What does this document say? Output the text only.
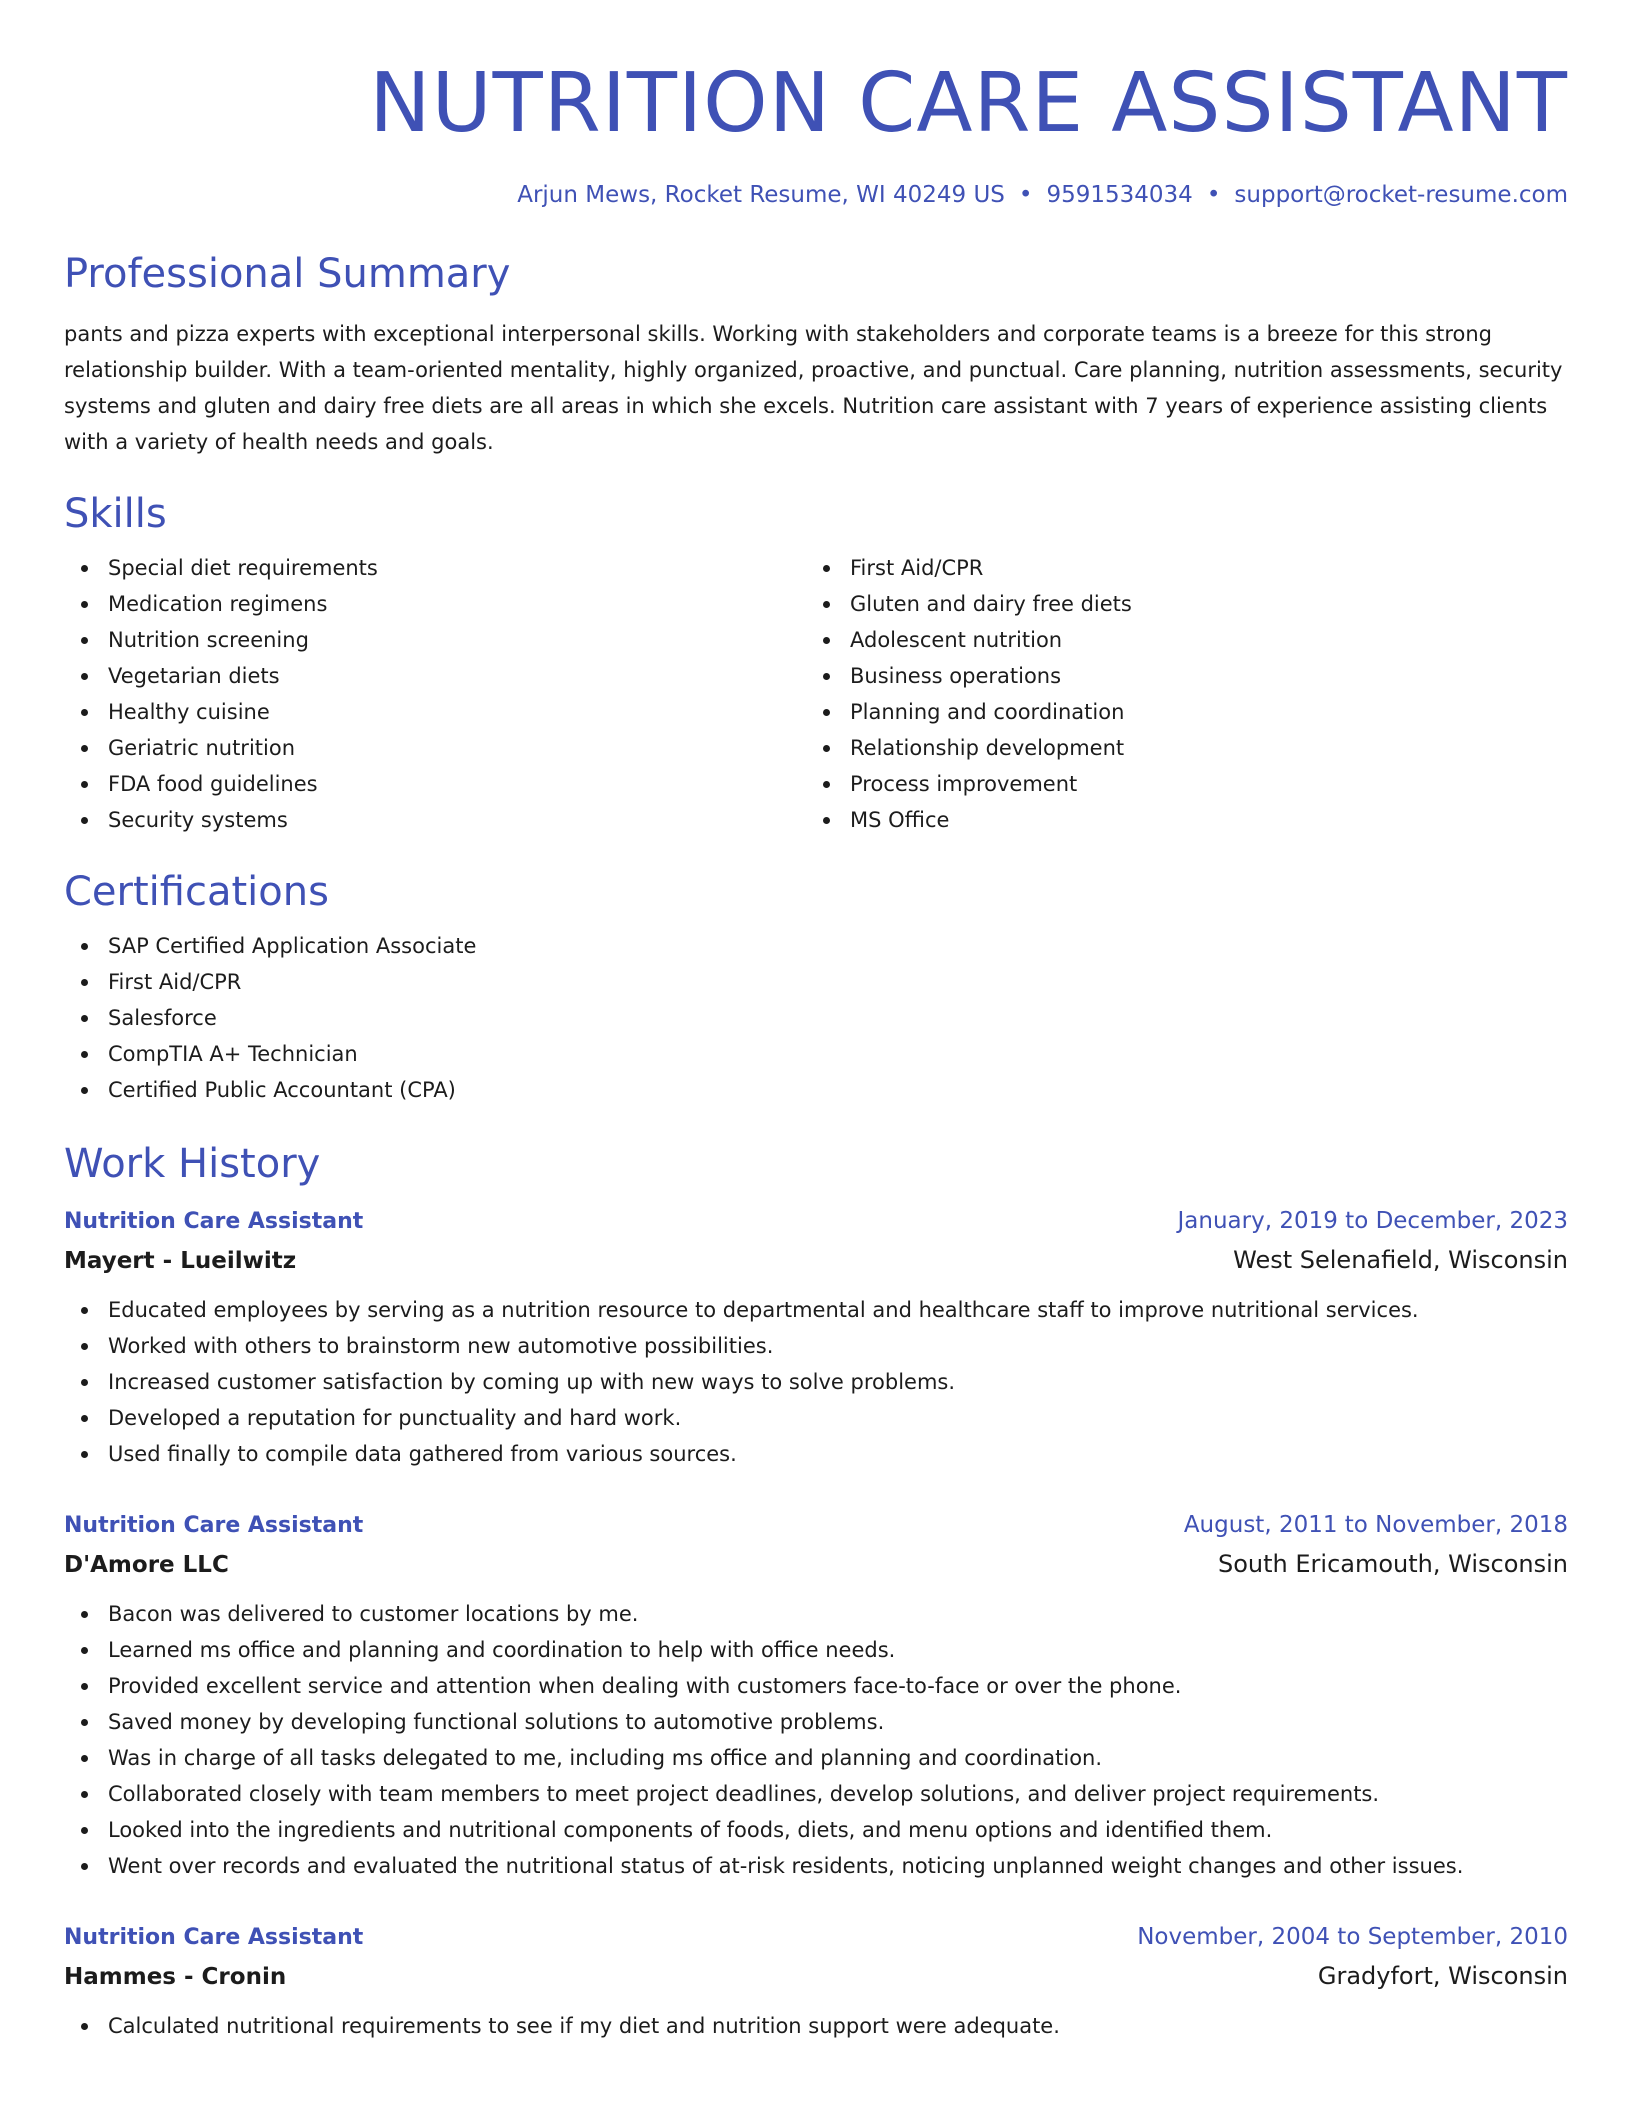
NUTRITION CARE ASSISTANT
Arjun Mews, Rocket Resume, WI 40249 US • 9591534034 • support@rocket-resume.com
Professional Summary

pants and pizza experts with exceptional interpersonal skills. Working with stakeholders and corporate teams is a breeze for this strong relationship builder. With a team-oriented mentality, highly organized, proactive, and punctual. Care planning, nutrition assessments, security systems and gluten and dairy free diets are all areas in which she excels. Nutrition care assistant with 7 years of experience assisting clients with a variety of health needs and goals.

Skills
Special diet requirements
Medication regimens
Nutrition screening
Vegetarian diets
Healthy cuisine
Geriatric nutrition
FDA food guidelines
Security systems
First Aid/CPR
Gluten and dairy free diets
Adolescent nutrition
Business operations
Planning and coordination
Relationship development
Process improvement
MS Office
Certifications
SAP Certified Application Associate
First Aid/CPR
Salesforce
CompTIA A+ Technician
Certified Public Accountant (CPA)
Work History
Nutrition Care Assistant	January, 2019 to December, 2023
Mayert - Lueilwitz	West Selenafield, Wisconsin
Educated employees by serving as a nutrition resource to departmental and healthcare staff to improve nutritional services.
Worked with others to brainstorm new automotive possibilities.
Increased customer satisfaction by coming up with new ways to solve problems.
Developed a reputation for punctuality and hard work.
Used finally to compile data gathered from various sources.
Nutrition Care Assistant	August, 2011 to November, 2018
D'Amore LLC	South Ericamouth, Wisconsin
Bacon was delivered to customer locations by me.
Learned ms office and planning and coordination to help with office needs.
Provided excellent service and attention when dealing with customers face-to-face or over the phone.
Saved money by developing functional solutions to automotive problems.
Was in charge of all tasks delegated to me, including ms office and planning and coordination.
Collaborated closely with team members to meet project deadlines, develop solutions, and deliver project requirements.
Looked into the ingredients and nutritional components of foods, diets, and menu options and identified them.
Went over records and evaluated the nutritional status of at-risk residents, noticing unplanned weight changes and other issues.
Nutrition Care Assistant	November, 2004 to September, 2010
Hammes - Cronin	Gradyfort, Wisconsin
Calculated nutritional requirements to see if my diet and nutrition support were adequate.
